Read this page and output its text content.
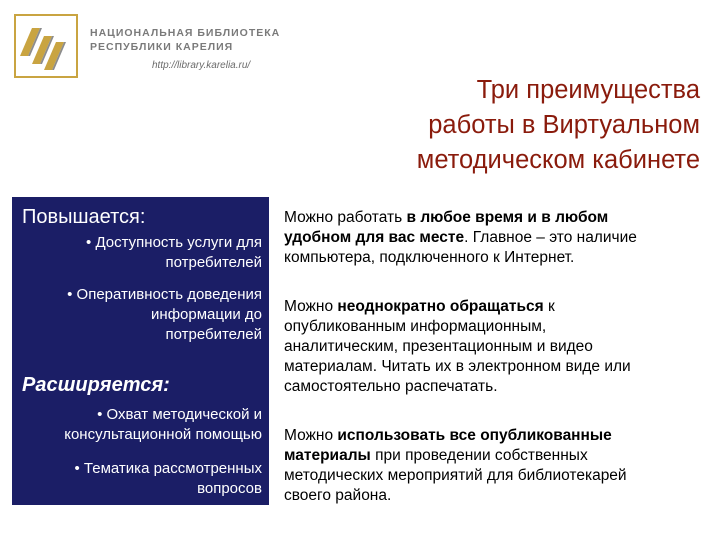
НАЦИОНАЛЬНАЯ БИБЛИОТЕКА
РЕСПУБЛИКИ КАРЕЛИЯ
http://library.karelia.ru/
Три преимущества
работы в Виртуальном
методическом кабинете
Повышается:
• Доступность услуги для
потребителей
• Оперативность доведения
информации до
потребителей
Расширяется:
• Охват методической и
консультационной помощью
• Тематика рассмотренных
вопросов
Можно работать в любое время и в любом
удобном для вас месте. Главное – это наличие
компьютера, подключенного к Интернет.
Можно неоднократно обращаться к
опубликованным информационным,
аналитическим, презентационным и видео
материалам. Читать их в электронном виде или
самостоятельно распечатать.
Можно использовать все опубликованные
материалы при проведении собственных
методических мероприятий для библиотекарей
своего района.
